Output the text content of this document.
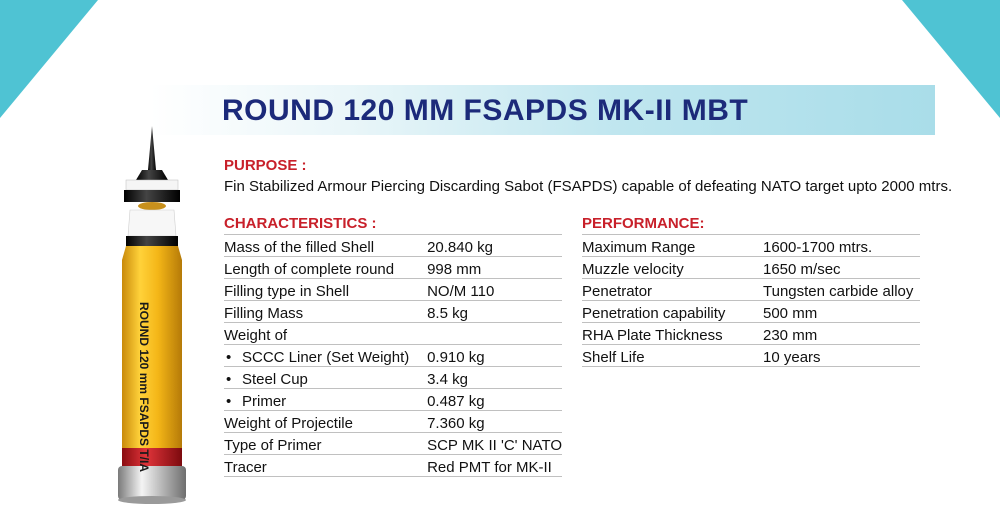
ROUND 120 MM FSAPDS MK-II MBT
ROUND 120 mm FSAPDS T/IA
PURPOSE :
Fin Stabilized Armour Piercing Discarding Sabot (FSAPDS) capable of defeating NATO target upto 2000 mtrs.
CHARACTERISTICS :
Mass of the filled Shell	20.840 kg
Length of complete round	998 mm
Filling type in Shell	NO/M 110
Filling Mass	8.5 kg
Weight of	
• SCCC Liner (Set Weight)	0.910 kg
• Steel Cup	3.4 kg
• Primer	0.487 kg
Weight of Projectile	7.360 kg
Type of Primer	SCP MK II 'C' NATO
Tracer	Red PMT for MK-II
PERFORMANCE:
Maximum Range	1600-1700 mtrs.
Muzzle velocity	1650 m/sec
Penetrator	Tungsten carbide alloy
Penetration capability	500 mm
RHA Plate Thickness	230 mm
Shelf Life	10 years
